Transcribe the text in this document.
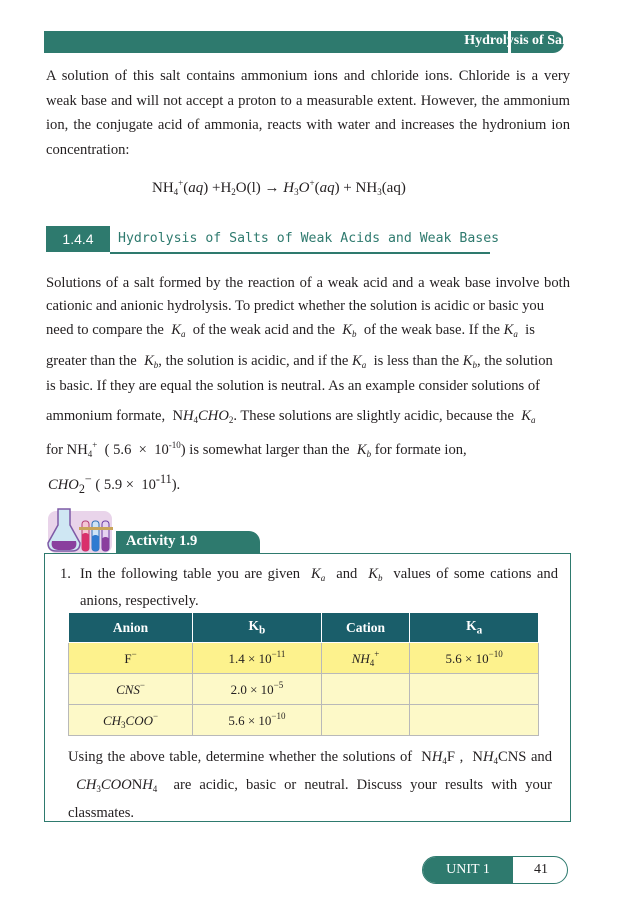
Hydrolysis of Salts
A solution of this salt contains ammonium ions and chloride ions. Chloride is a very weak base and will not accept a proton to a measurable extent. However, the ammonium ion, the conjugate acid of ammonia, reacts with water and increases the hydronium ion concentration:
$NH_4^+(aq) +H_2O(l) \to H_3O^+(aq) + NH_3(aq)$
1.4.4	Hydrolysis of Salts of Weak Acids and Weak Bases
Solutions of a salt formed by the reaction of a weak acid and a weak base involve both cationic and anionic hydrolysis. To predict whether the solution is acidic or basic you
need to compare the  $K_a$  of the weak acid and the  $K_b$  of the weak base. If the $K_a$  is
greater than the  $K_b$, the solution is acidic, and if the $K_a$  is less than the $K_b$, the solution
is basic. If they are equal the solution is neutral. As an example consider solutions of
ammonium formate,  $NH_4CHO_2$. These solutions are slightly acidic, because the  $K_a$
for $NH_4^+$  ( $5.6 \times 10^{-10}$) is somewhat larger than the  $K_b$ for formate ion,
$CHO_2^-$ ( $5.9 \times 10^{-11}$).
Activity 1.9
1. In the following table you are given  $K_a$  and  $K_b$  values of some cations and anions, respectively.
Anion	$K_b$	Cation	$K_a$
F−	$1.4 \times 10^{-11}$	$NH_4^+$	$5.6 \times 10^{-10}$
CNS−	$2.0 \times 10^{-5}$		
$CH_3COO^-$	$5.6 \times 10^{-10}$		
Using the above table, determine whether the solutions of  $NH_4F$ ,  $NH_4CNS$ and  $CH_3COONH_4$ are acidic, basic or neutral. Discuss your results with your classmates.
UNIT 1	41
